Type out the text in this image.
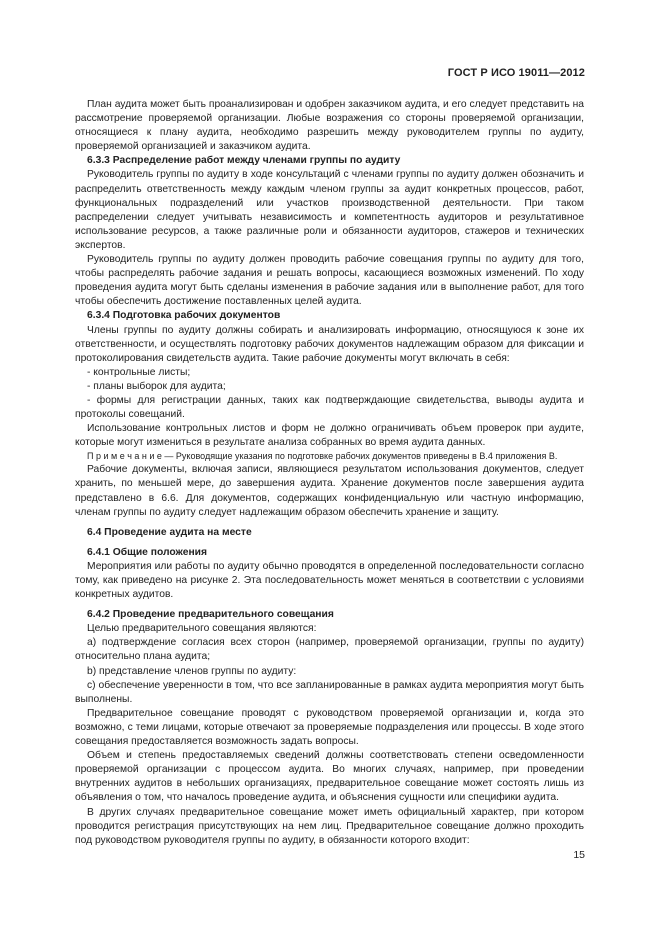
ГОСТ Р ИСО 19011—2012

План аудита может быть проанализирован и одобрен заказчиком аудита, и его следует представить на рассмотрение проверяемой организации. Любые возражения со стороны проверяемой организации, относящиеся к плану аудита, необходимо разрешить между руководителем группы по аудиту, проверяемой организацией и заказчиком аудита.

6.3.3 Распределение работ между членами группы по аудиту

Руководитель группы по аудиту в ходе консультаций с членами группы по аудиту должен обозначить и распределить ответственность между каждым членом группы за аудит конкретных процессов, работ, функциональных подразделений или участков производственной деятельности. При таком распределении следует учитывать независимость и компетентность аудиторов и результативное использование ресурсов, а также различные роли и обязанности аудиторов, стажеров и технических экспертов.

Руководитель группы по аудиту должен проводить рабочие совещания группы по аудиту для того, чтобы распределять рабочие задания и решать вопросы, касающиеся возможных изменений. По ходу проведения аудита могут быть сделаны изменения в рабочие задания или в выполнение работ, для того чтобы обеспечить достижение поставленных целей аудита.

6.3.4 Подготовка рабочих документов

Члены группы по аудиту должны собирать и анализировать информацию, относящуюся к зоне их ответственности, и осуществлять подготовку рабочих документов надлежащим образом для фиксации и протоколирования свидетельств аудита. Такие рабочие документы могут включать в себя:

- контрольные листы;

- планы выборок для аудита;

- формы для регистрации данных, таких как подтверждающие свидетельства, выводы аудита и протоколы совещаний.

Использование контрольных листов и форм не должно ограничивать объем проверок при аудите, которые могут измениться в результате анализа собранных во время аудита данных.

П р и м е ч а н и е — Руководящие указания по подготовке рабочих документов приведены в В.4 приложения В.

Рабочие документы, включая записи, являющиеся результатом использования документов, следует хранить, по меньшей мере, до завершения аудита. Хранение документов после завершения аудита представлено в 6.6. Для документов, содержащих конфиденциальную или частную информацию, членам группы по аудиту следует надлежащим образом обеспечить хранение и защиту.

6.4 Проведение аудита на месте
6.4.1 Общие положения

Мероприятия или работы по аудиту обычно проводятся в определенной последовательности согласно тому, как приведено на рисунке 2. Эта последовательность может меняться в соответствии с условиями конкретных аудитов.

6.4.2 Проведение предварительного совещания

Целью предварительного совещания являются:

a) подтверждение согласия всех сторон (например, проверяемой организации, группы по аудиту) относительно плана аудита;

b) представление членов группы по аудиту:

c) обеспечение уверенности в том, что все запланированные в рамках аудита мероприятия могут быть выполнены.

Предварительное совещание проводят с руководством проверяемой организации и, когда это возможно, с теми лицами, которые отвечают за проверяемые подразделения или процессы. В ходе этого совещания предоставляется возможность задать вопросы.

Объем и степень предоставляемых сведений должны соответствовать степени осведомленности проверяемой организации с процессом аудита. Во многих случаях, например, при проведении внутренних аудитов в небольших организациях, предварительное совещание может состоять лишь из объявления о том, что началось проведение аудита, и объяснения сущности или специфики аудита.

В других случаях предварительное совещание может иметь официальный характер, при котором проводится регистрация присутствующих на нем лиц. Предварительное совещание должно проходить под руководством руководителя группы по аудиту, в обязанности которого входит:

15
